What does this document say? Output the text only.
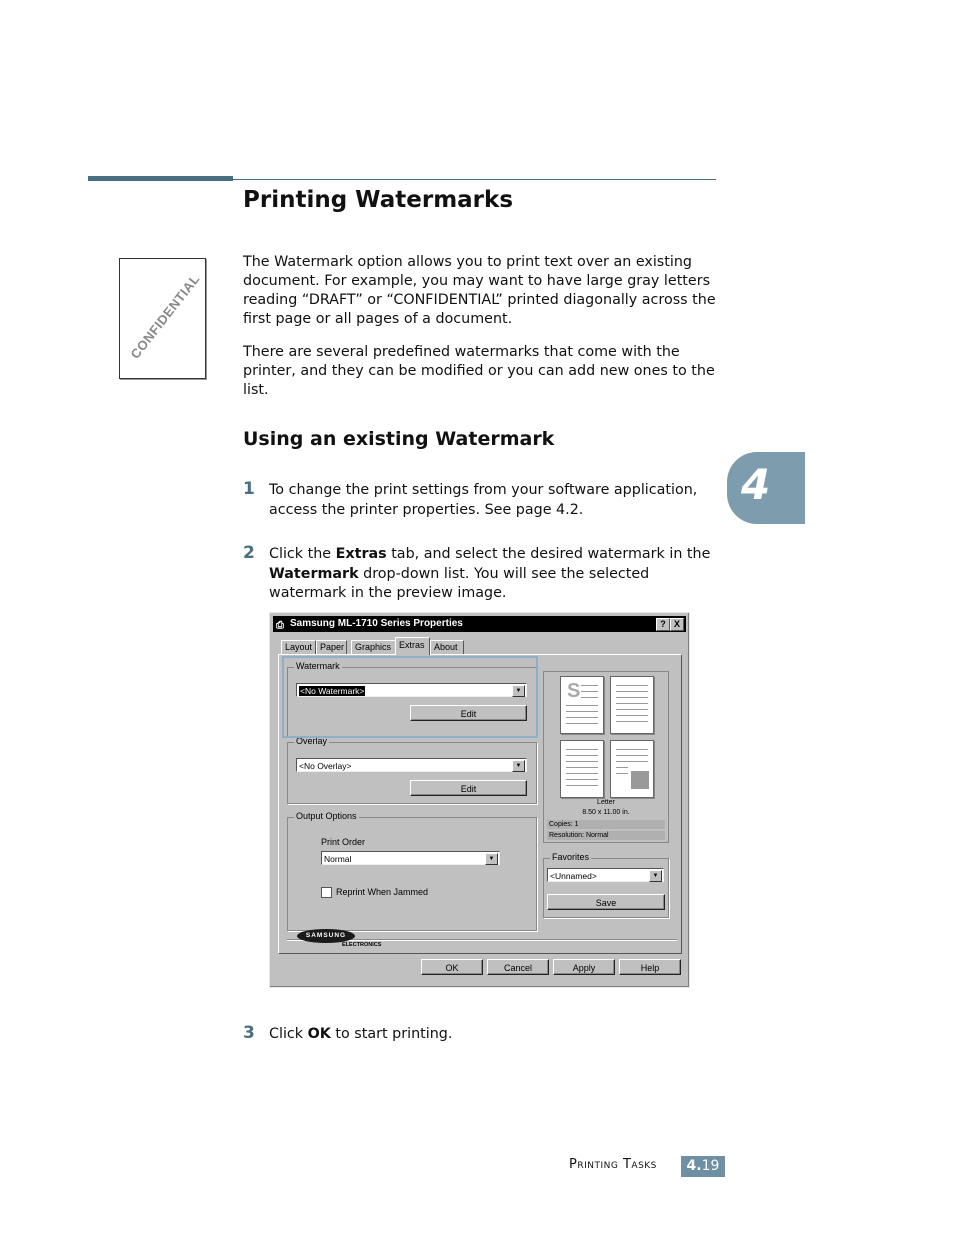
Printing Watermarks
CONFIDENTIAL
The Watermark option allows you to print text over an existing document. For example, you may want to have large gray letters reading “DRAFT” or “CONFIDENTIAL” printed diagonally across the first page or all pages of a document.
There are several predefined watermarks that come with the printer, and they can be modified or you can add new ones to the list.
Using an existing Watermark
4
1 To change the print settings from your software application, access the printer properties. See page 4.2.
2 Click the Extras tab, and select the desired watermark in the Watermark drop-down list. You will see the selected watermark in the preview image.
⎙ Samsung ML-1710 Series Properties	? X
Layout Paper	Graphics Extras	About
Watermark
<No Watermark>	▼
Edit
Overlay
<No Overlay>	▼
Edit
Output Options
Print Order
Normal	▼
Reprint When Jammed
S
Letter
8.50 x 11.00 in.
Copies: 1
Resolution: Normal
Favorites
<Unnamed>	▼
Save
SAMSUNG
ELECTRONICS
OK	Cancel	Apply	Help
3 Click OK to start printing.
Printing Tasks	4.19
